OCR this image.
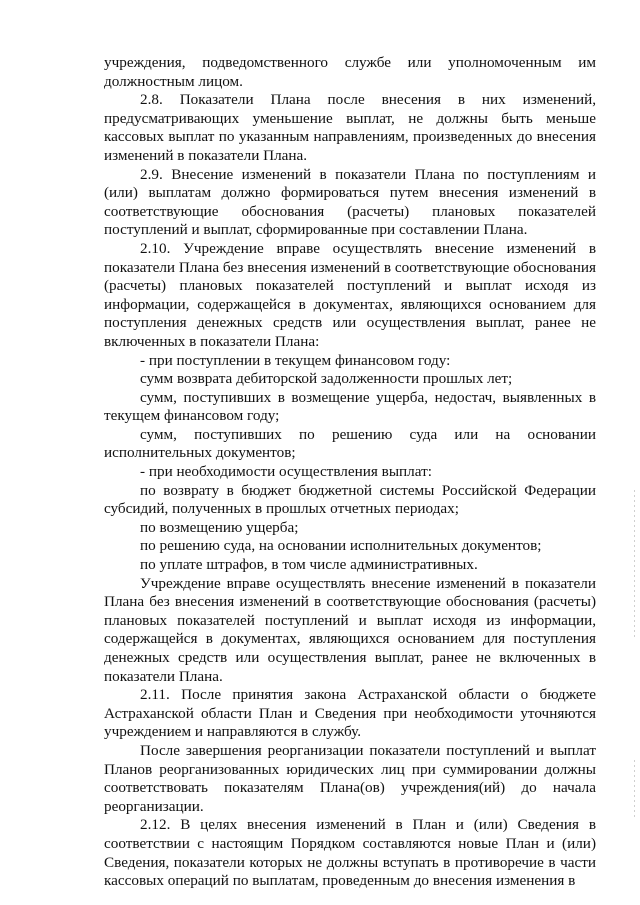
учреждения, подведомственного службе или уполномоченным им должностным лицом.

2.8. Показатели Плана после внесения в них изменений, предусматривающих уменьшение выплат, не должны быть меньше кассовых выплат по указанным направлениям, произведенных до внесения изменений в показатели Плана.

2.9. Внесение изменений в показатели Плана по поступлениям и (или) выплатам должно формироваться путем внесения изменений в соответствующие обоснования (расчеты) плановых показателей поступлений и выплат, сформированные при составлении Плана.

2.10. Учреждение вправе осуществлять внесение изменений в показатели Плана без внесения изменений в соответствующие обоснования (расчеты) плановых показателей поступлений и выплат исходя из информации, содержащейся в документах, являющихся основанием для поступления денежных средств или осуществления выплат, ранее не включенных в показатели Плана:

- при поступлении в текущем финансовом году:

сумм возврата дебиторской задолженности прошлых лет;

сумм, поступивших в возмещение ущерба, недостач, выявленных в текущем финансовом году;

сумм, поступивших по решению суда или на основании исполнительных документов;

- при необходимости осуществления выплат:

по возврату в бюджет бюджетной системы Российской Федерации субсидий, полученных в прошлых отчетных периодах;

по возмещению ущерба;

по решению суда, на основании исполнительных документов;

по уплате штрафов, в том числе административных.

Учреждение вправе осуществлять внесение изменений в показатели Плана без внесения изменений в соответствующие обоснования (расчеты) плановых показателей поступлений и выплат исходя из информации, содержащейся в документах, являющихся основанием для поступления денежных средств или осуществления выплат, ранее не включенных в показатели Плана.

2.11. После принятия закона Астраханской области о бюджете Астраханской области План и Сведения при необходимости уточняются учреждением и направляются в службу.

После завершения реорганизации показатели поступлений и выплат Планов реорганизованных юридических лиц при суммировании должны соответствовать показателям Плана(ов) учреждения(ий) до начала реорганизации.

2.12. В целях внесения изменений в План и (или) Сведения в соответствии с настоящим Порядком составляются новые План и (или) Сведения, показатели которых не должны вступать в противоречие в части кассовых операций по выплатам, проведенным до внесения изменения в
